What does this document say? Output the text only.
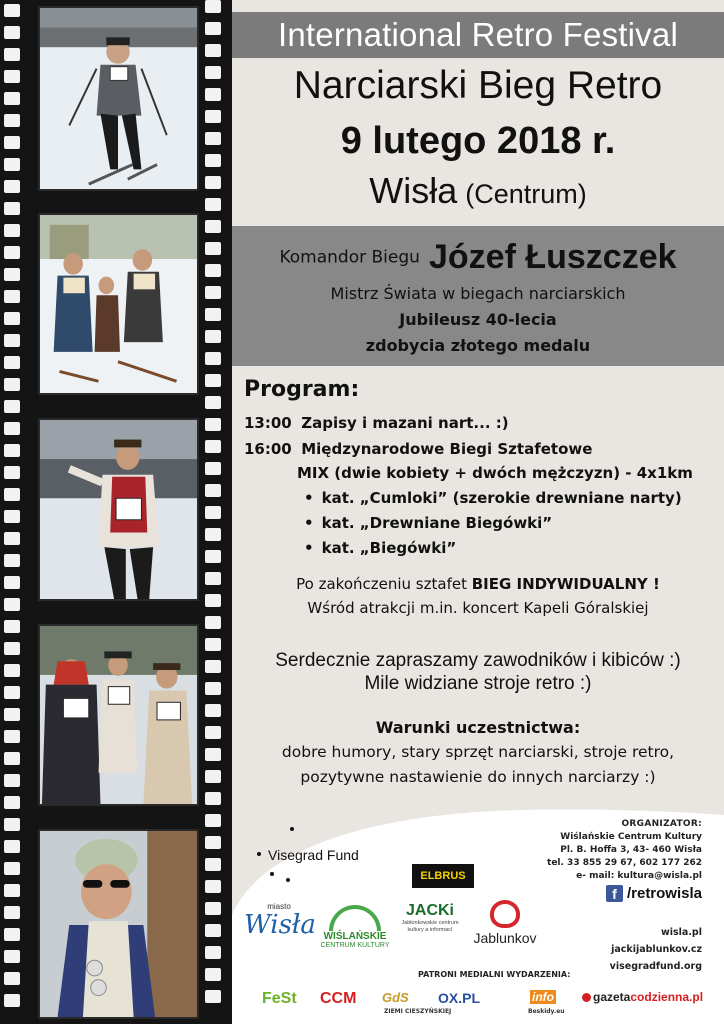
International Retro Festival
Narciarski Bieg Retro
9 lutego 2018 r.
Wisła (Centrum)
Komandor Biegu Józef Łuszczek
Mistrz Świata w biegach narciarskich
Jubileusz 40-lecia
zdobycia złotego medalu
Program:
13:00 Zapisy i mazani nart... :)
16:00 Międzynarodowe Biegi Sztafetowe
MIX (dwie kobiety + dwóch mężczyzn) - 4x1km
• kat. „Cumloki” (szerokie drewniane narty)
• kat. „Drewniane Biegówki”
• kat. „Biegówki”
Po zakończeniu sztafet BIEG INDYWIDUALNY !
Wśród atrakcji m.in. koncert Kapeli Góralskiej
Serdecznie zapraszamy zawodników i kibiców :)
Mile widziane stroje retro :)
Warunki uczestnictwa:
dobre humory, stary sprzęt narciarski, stroje retro,
pozytywne nastawienie do innych narciarzy :)
Visegrad Fund
ELBRUS
ORGANIZATOR:
Wiślańskie Centrum Kultury
Pl. B. Hoffa 3, 43- 460 Wisła
tel. 33 855 29 67, 602 177 262
e- mail: kultura@wisla.pl
f /retrowisla
miasto
Wisła WIŚLAŃSKIE
CENTRUM KULTURY
JACKi
Jabłonkowskie centrum kultury a informací	Jablunkov	wisla.pl
jackijablunkov.cz
visegradfund.org
PATRONI MEDIALNI WYDARZENIA:
FeSt CCM GdS
ZIEMI CIESZYŃSKIEJ
OX.PL	info
Beskidy.eu
gazetacodzienna.pl
